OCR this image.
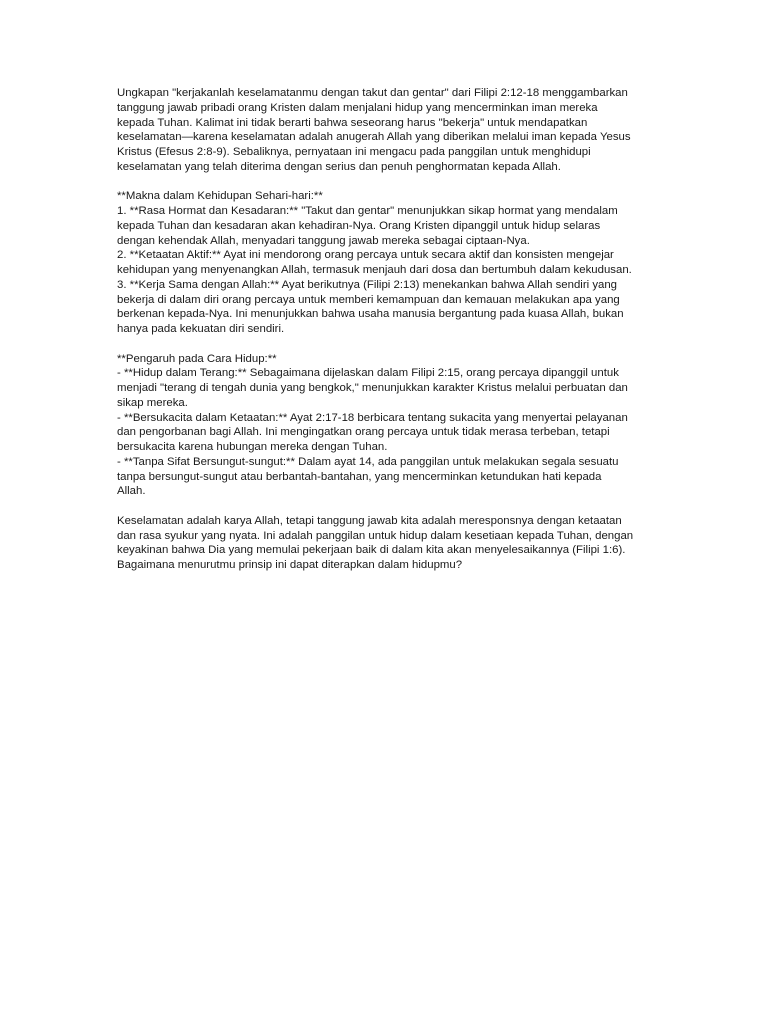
Ungkapan "kerjakanlah keselamatanmu dengan takut dan gentar" dari Filipi 2:12-18 menggambarkan
tanggung jawab pribadi orang Kristen dalam menjalani hidup yang mencerminkan iman mereka
kepada Tuhan. Kalimat ini tidak berarti bahwa seseorang harus "bekerja" untuk mendapatkan
keselamatan—karena keselamatan adalah anugerah Allah yang diberikan melalui iman kepada Yesus
Kristus (Efesus 2:8-9). Sebaliknya, pernyataan ini mengacu pada panggilan untuk menghidupi
keselamatan yang telah diterima dengan serius dan penuh penghormatan kepada Allah.
**Makna dalam Kehidupan Sehari-hari:**
1. **Rasa Hormat dan Kesadaran:** "Takut dan gentar" menunjukkan sikap hormat yang mendalam
kepada Tuhan dan kesadaran akan kehadiran-Nya. Orang Kristen dipanggil untuk hidup selaras
dengan kehendak Allah, menyadari tanggung jawab mereka sebagai ciptaan-Nya.
2. **Ketaatan Aktif:** Ayat ini mendorong orang percaya untuk secara aktif dan konsisten mengejar
kehidupan yang menyenangkan Allah, termasuk menjauh dari dosa dan bertumbuh dalam kekudusan.
3. **Kerja Sama dengan Allah:** Ayat berikutnya (Filipi 2:13) menekankan bahwa Allah sendiri yang
bekerja di dalam diri orang percaya untuk memberi kemampuan dan kemauan melakukan apa yang
berkenan kepada-Nya. Ini menunjukkan bahwa usaha manusia bergantung pada kuasa Allah, bukan
hanya pada kekuatan diri sendiri.
**Pengaruh pada Cara Hidup:**
- **Hidup dalam Terang:** Sebagaimana dijelaskan dalam Filipi 2:15, orang percaya dipanggil untuk
menjadi "terang di tengah dunia yang bengkok," menunjukkan karakter Kristus melalui perbuatan dan
sikap mereka.
- **Bersukacita dalam Ketaatan:** Ayat 2:17-18 berbicara tentang sukacita yang menyertai pelayanan
dan pengorbanan bagi Allah. Ini mengingatkan orang percaya untuk tidak merasa terbeban, tetapi
bersukacita karena hubungan mereka dengan Tuhan.
- **Tanpa Sifat Bersungut-sungut:** Dalam ayat 14, ada panggilan untuk melakukan segala sesuatu
tanpa bersungut-sungut atau berbantah-bantahan, yang mencerminkan ketundukan hati kepada
Allah.
Keselamatan adalah karya Allah, tetapi tanggung jawab kita adalah meresponsnya dengan ketaatan
dan rasa syukur yang nyata. Ini adalah panggilan untuk hidup dalam kesetiaan kepada Tuhan, dengan
keyakinan bahwa Dia yang memulai pekerjaan baik di dalam kita akan menyelesaikannya (Filipi 1:6).
Bagaimana menurutmu prinsip ini dapat diterapkan dalam hidupmu?
